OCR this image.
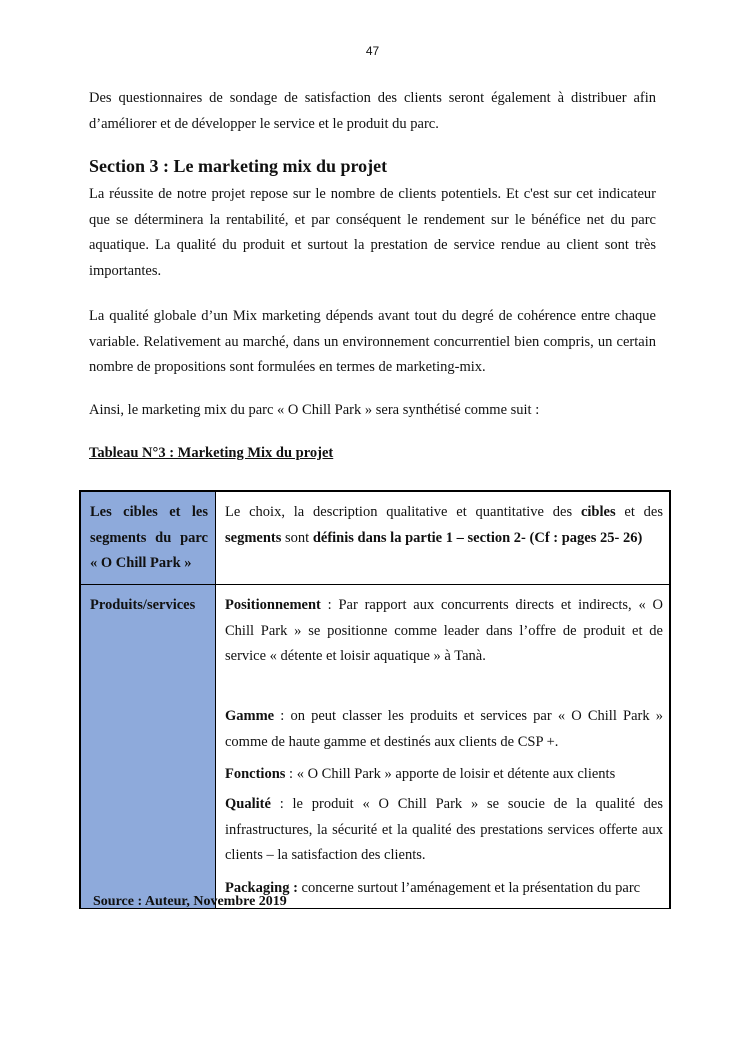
47

Des questionnaires de sondage de satisfaction des clients seront également à distribuer afin d’améliorer et de développer le service et le produit du parc.

Section 3 : Le marketing mix du projet

La réussite de notre projet repose sur le nombre de clients potentiels. Et c'est sur cet indicateur que se déterminera la rentabilité, et par conséquent le rendement sur le bénéfice net du parc aquatique. La qualité du produit et surtout la prestation de service rendue au client sont très importantes.

La qualité globale d’un Mix marketing dépends avant tout du degré de cohérence entre chaque variable. Relativement au marché, dans un environnement concurrentiel bien compris, un certain nombre de propositions sont formulées en termes de marketing-mix.

Ainsi, le marketing mix du parc « O Chill Park » sera synthétisé comme suit :

Tableau N°3 : Marketing Mix du projet

Les cibles et les segments du parc « O Chill Park »

Le choix, la description qualitative et quantitative des cibles et des segments sont définis dans la partie 1 – section 2- (Cf : pages 25- 26)

Produits/services	Positionnement : Par rapport aux concurrents directs et indirects, « O Chill Park » se positionne comme leader dans l’offre de produit et de service « détente et loisir aquatique » à Tanà.

Gamme : on peut classer les produits et services par « O Chill Park » comme de haute gamme et destinés aux clients de CSP +.

Fonctions : « O Chill Park » apporte de loisir et détente aux clients

Qualité : le produit « O Chill Park » se soucie de la qualité des infrastructures, la sécurité et la qualité des prestations services offerte aux clients – la satisfaction des clients.

Packaging : concerne surtout l’aménagement et la présentation du parc

Source : Auteur, Novembre 2019
